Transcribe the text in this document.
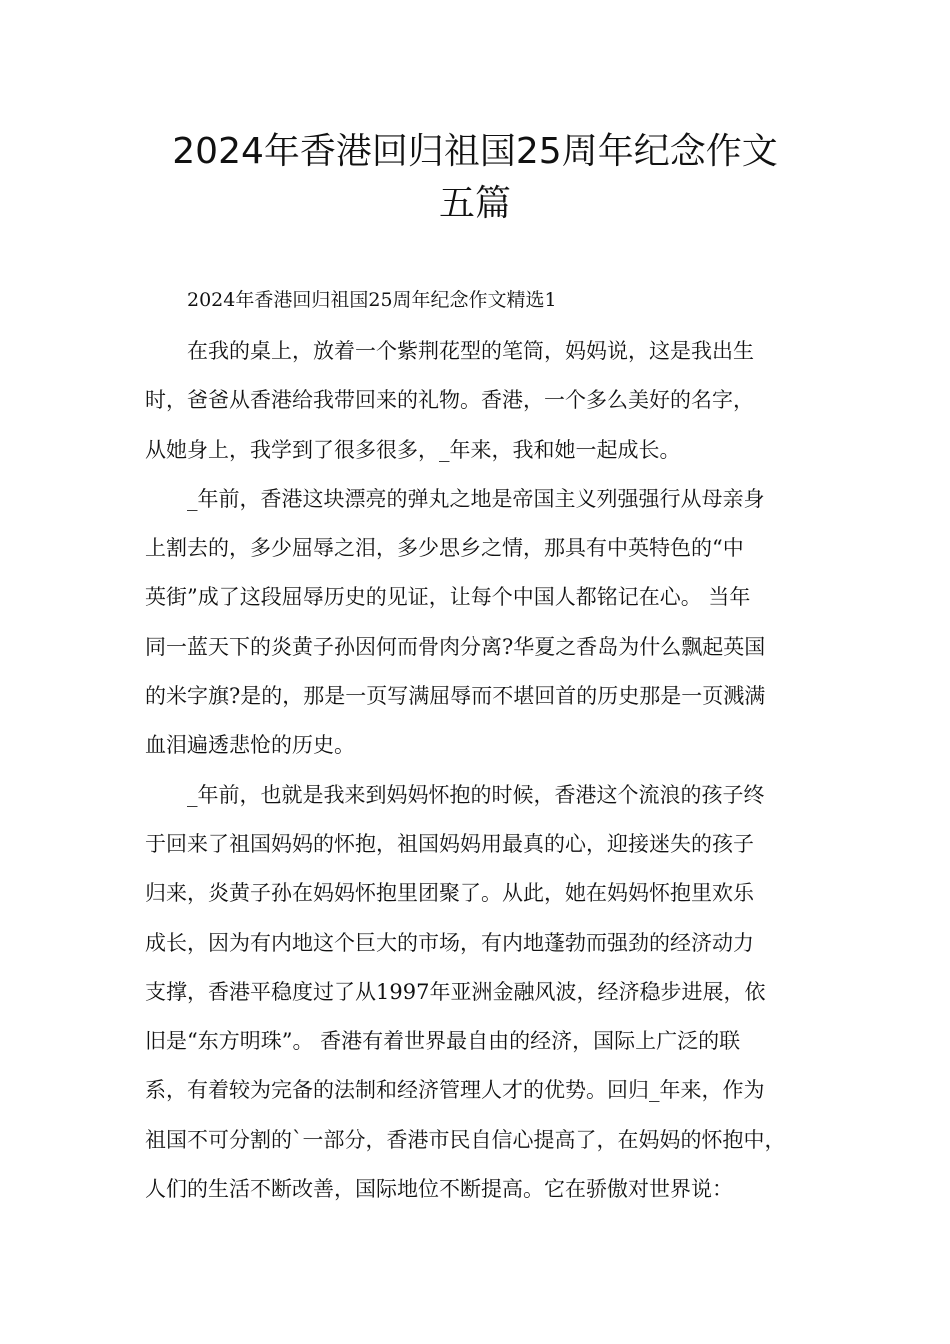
2024年香港回归祖国25周年纪念作文
五篇
2024年香港回归祖国25周年纪念作文精选1
在我的桌上，放着一个紫荆花型的笔筒，妈妈说，这是我出生
时，爸爸从香港给我带回来的礼物。香港，一个多么美好的名字，
从她身上，我学到了很多很多，_年来，我和她一起成长。
_年前，香港这块漂亮的弹丸之地是帝国主义列强强行从母亲身
上割去的，多少屈辱之泪，多少思乡之情，那具有中英特色的“中
英街”成了这段屈辱历史的见证，让每个中国人都铭记在心。 当年
同一蓝天下的炎黄子孙因何而骨肉分离?华夏之香岛为什么飘起英国
的米字旗?是的，那是一页写满屈辱而不堪回首的历史那是一页溅满
血泪遍透悲怆的历史。
_年前，也就是我来到妈妈怀抱的时候，香港这个流浪的孩子终
于回来了祖国妈妈的怀抱，祖国妈妈用最真的心，迎接迷失的孩子
归来，炎黄子孙在妈妈怀抱里团聚了。从此，她在妈妈怀抱里欢乐
成长，因为有内地这个巨大的市场，有内地蓬勃而强劲的经济动力
支撑，香港平稳度过了从1997年亚洲金融风波，经济稳步进展，依
旧是“东方明珠”。 香港有着世界最自由的经济，国际上广泛的联
系，有着较为完备的法制和经济管理人才的优势。回归_年来，作为
祖国不可分割的`一部分，香港市民自信心提高了，在妈妈的怀抱中，
人们的生活不断改善，国际地位不断提高。它在骄傲对世界说：
